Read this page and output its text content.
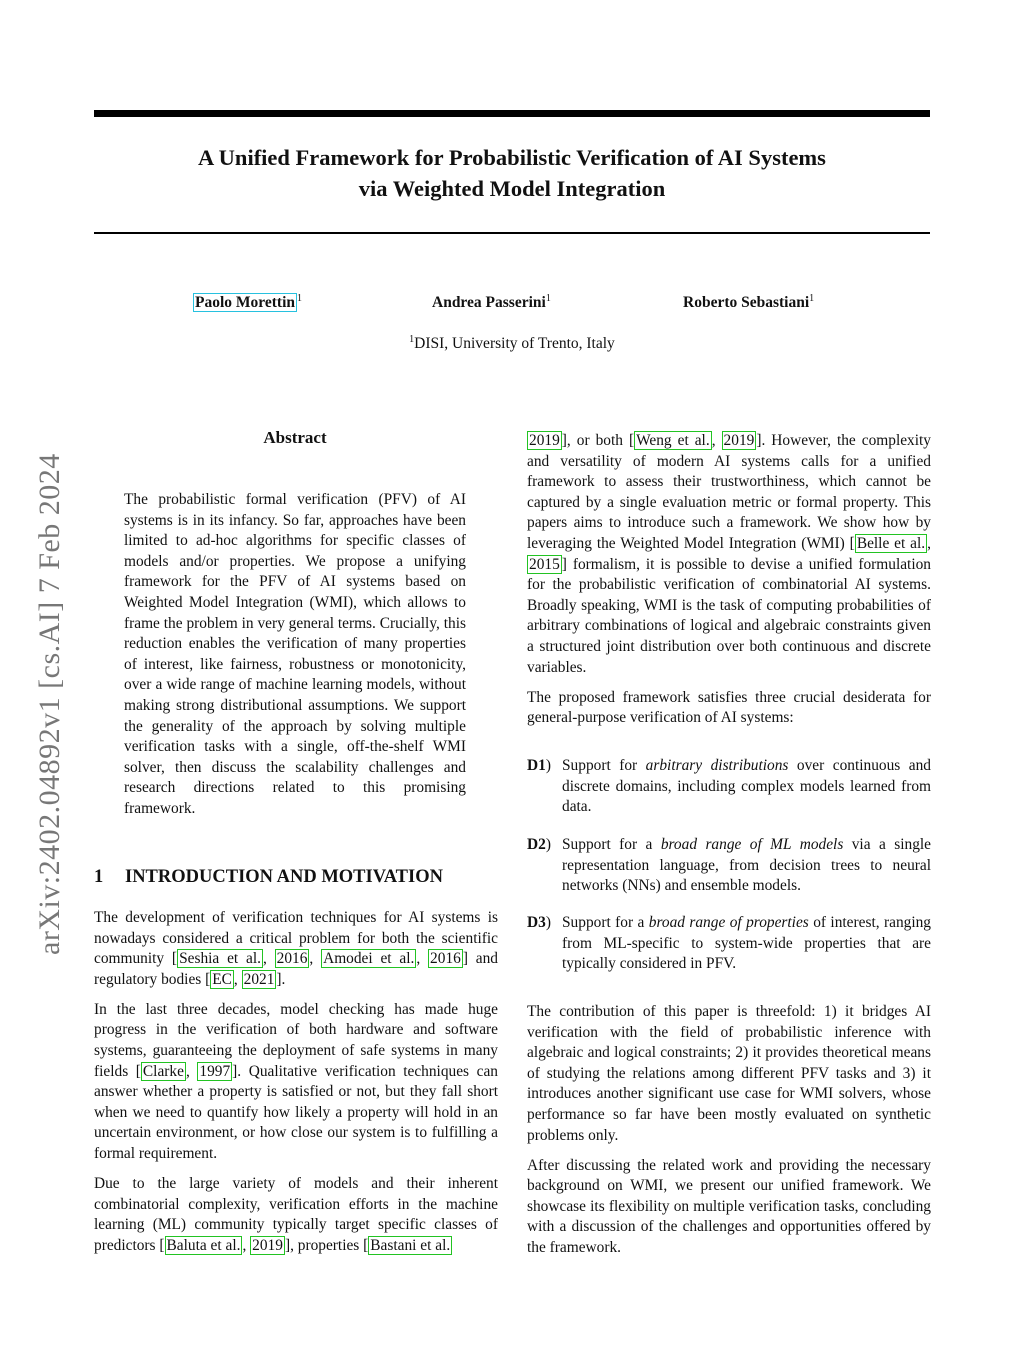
A Unified Framework for Probabilistic Verification of AI Systems
via Weighted Model Integration
Paolo Morettin $^1$	Andrea Passerini$^1$	Roberto Sebastiani$^1$
$^1$DISI, University of Trento, Italy
arXiv:2402.04892v1 [cs.AI] 7 Feb 2024
Abstract
The probabilistic formal verification (PFV) of AI systems is in its infancy. So far, approaches have been limited to ad-hoc algorithms for specific classes of models and/or properties. We propose a unifying framework for the PFV of AI systems based on Weighted Model Integration (WMI), which allows to frame the problem in very general terms. Crucially, this reduction enables the verification of many properties of interest, like fairness, robustness or monotonicity, over a wide range of machine learning models, without making strong distributional assumptions. We support the generality of the approach by solving multiple verification tasks with a single, off-the-shelf WMI solver, then discuss the scalability challenges and research directions related to this promising framework.
1 INTRODUCTION AND MOTIVATION

The development of verification techniques for AI systems is nowadays considered a critical problem for both the scientific community [ Seshia et al. , 2016 , Amodei et al. , 2016 ] and regulatory bodies [ EC , 2021 ].

In the last three decades, model checking has made huge progress in the verification of both hardware and software systems, guaranteeing the deployment of safe systems in many fields [ Clarke , 1997 ]. Qualitative verification techniques can answer whether a property is satisfied or not, but they fall short when we need to quantify how likely a property will hold in an uncertain environment, or how close our system is to fulfilling a formal requirement.

Due to the large variety of models and their inherent combinatorial complexity, verification efforts in the machine learning (ML) community typically target specific classes of predictors [ Baluta et al. , 2019 ], properties [ Bastani et al.

2019 ], or both [ Weng et al. , 2019 ]. However, the complexity and versatility of modern AI systems calls for a unified framework to assess their trustworthiness, which cannot be captured by a single evaluation metric or formal property. This papers aims to introduce such a framework. We show how by leveraging the Weighted Model Integration (WMI) [ Belle et al. , 2015 ] formalism, it is possible to devise a unified formulation for the probabilistic verification of combinatorial AI systems. Broadly speaking, WMI is the task of computing probabilities of arbitrary combinations of logical and algebraic constraints given a structured joint distribution over both continuous and discrete variables.

The proposed framework satisfies three crucial desiderata for general-purpose verification of AI systems:

D1) Support for arbitrary distributions over continuous and discrete domains, including complex models learned from data.
D2) Support for a broad range of ML models via a single representation language, from decision trees to neural networks (NNs) and ensemble models.
D3) Support for a broad range of properties of interest, ranging from ML-specific to system-wide properties that are typically considered in PFV.

The contribution of this paper is threefold: 1) it bridges AI verification with the field of probabilistic inference with algebraic and logical constraints; 2) it provides theoretical means of studying the relations among different PFV tasks and 3) it introduces another significant use case for WMI solvers, whose performance so far have been mostly evaluated on synthetic problems only.

After discussing the related work and providing the necessary background on WMI, we present our unified framework. We showcase its flexibility on multiple verification tasks, concluding with a discussion of the challenges and opportunities offered by the framework.
